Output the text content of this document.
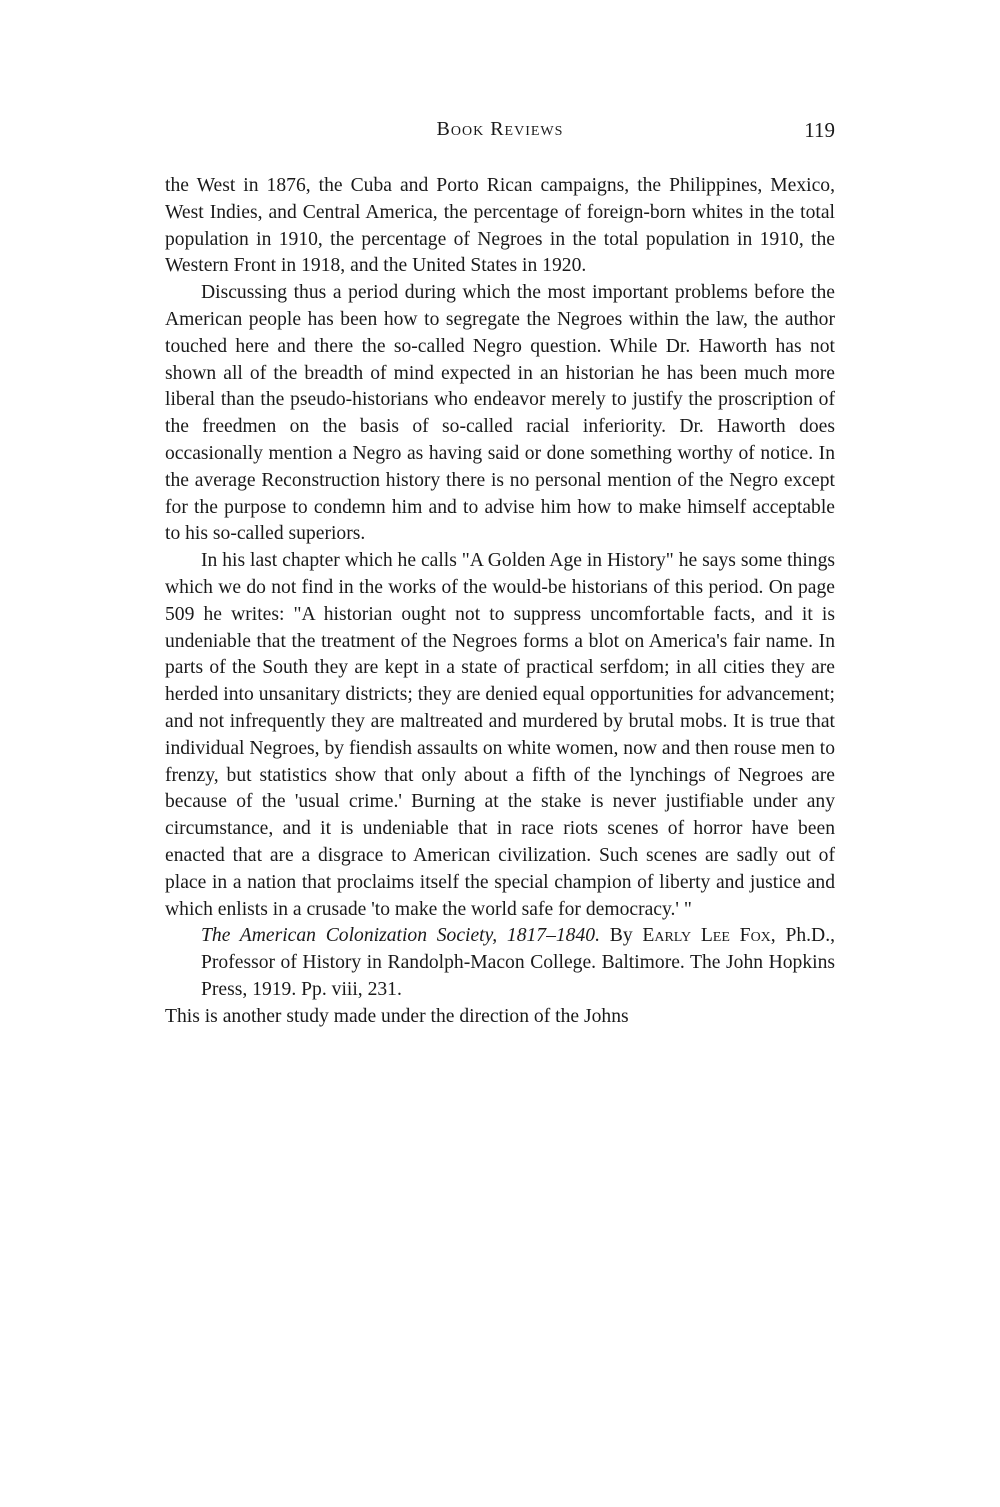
Book Reviews	119

the West in 1876, the Cuba and Porto Rican campaigns, the Philippines, Mexico, West Indies, and Central America, the percentage of foreign-born whites in the total population in 1910, the percentage of Negroes in the total population in 1910, the Western Front in 1918, and the United States in 1920.

Discussing thus a period during which the most important problems before the American people has been how to segregate the Negroes within the law, the author touched here and there the so-called Negro question. While Dr. Haworth has not shown all of the breadth of mind expected in an historian he has been much more liberal than the pseudo-historians who endeavor merely to justify the proscription of the freedmen on the basis of so-called racial inferiority. Dr. Haworth does occasionally mention a Negro as having said or done something worthy of notice. In the average Reconstruction history there is no personal mention of the Negro except for the purpose to condemn him and to advise him how to make himself acceptable to his so-called superiors.

In his last chapter which he calls "A Golden Age in History" he says some things which we do not find in the works of the would-be historians of this period. On page 509 he writes: "A historian ought not to suppress uncomfortable facts, and it is undeniable that the treatment of the Negroes forms a blot on America's fair name. In parts of the South they are kept in a state of practical serfdom; in all cities they are herded into unsanitary districts; they are denied equal opportunities for advancement; and not infrequently they are maltreated and murdered by brutal mobs. It is true that individual Negroes, by fiendish assaults on white women, now and then rouse men to frenzy, but statistics show that only about a fifth of the lynchings of Negroes are because of the 'usual crime.' Burning at the stake is never justifiable under any circumstance, and it is undeniable that in race riots scenes of horror have been enacted that are a disgrace to American civilization. Such scenes are sadly out of place in a nation that proclaims itself the special champion of liberty and justice and which enlists in a crusade 'to make the world safe for democracy.' "

The American Colonization Society, 1817–1840. By Early Lee Fox, Ph.D., Professor of History in Randolph-Macon College. Baltimore. The John Hopkins Press, 1919. Pp. viii, 231.

This is another study made under the direction of the Johns
